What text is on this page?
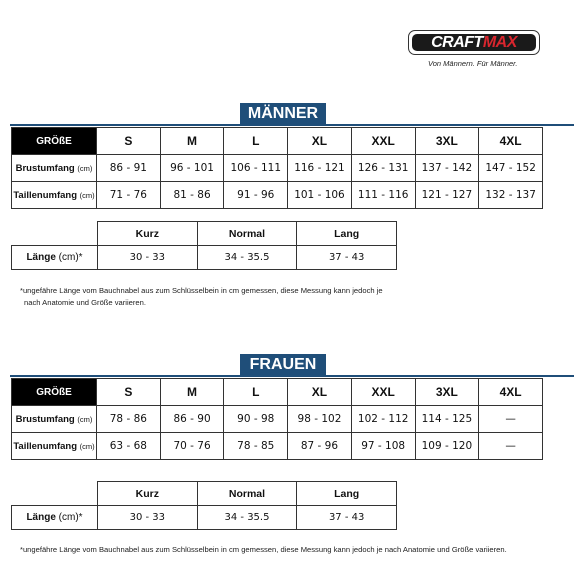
CRAFT MAX
Von Männern. Für Männer.
MÄNNER
GRÖßE	S	M	L	XL	XXL	3XL	4XL
Brustumfang (cm)	86 - 91	96 - 101	106 - 111	116 - 121	126 - 131	137 - 142	147 - 152
Taillenumfang (cm)	71 - 76	81 - 86	91 - 96	101 - 106	111 - 116	121 - 127	132 - 137
	Kurz	Normal	Lang
Länge (cm)*	30 - 33	34 - 35.5	37 - 43
*ungefähre Länge vom Bauchnabel aus zum Schlüsselbein in cm gemessen, diese Messung kann jedoch je
nach Anatomie und Größe variieren.
FRAUEN
GRÖßE	S	M	L	XL	XXL	3XL	4XL
Brustumfang (cm)	78 - 86	86 - 90	90 - 98	98 - 102	102 - 112	114 - 125	—
Taillenumfang (cm)	63 - 68	70 - 76	78 - 85	87 - 96	97 - 108	109 - 120	—
	Kurz	Normal	Lang
Länge (cm)*	30 - 33	34 - 35.5	37 - 43
*ungefähre Länge vom Bauchnabel aus zum Schlüsselbein in cm gemessen, diese Messung kann jedoch je nach Anatomie und Größe variieren.
